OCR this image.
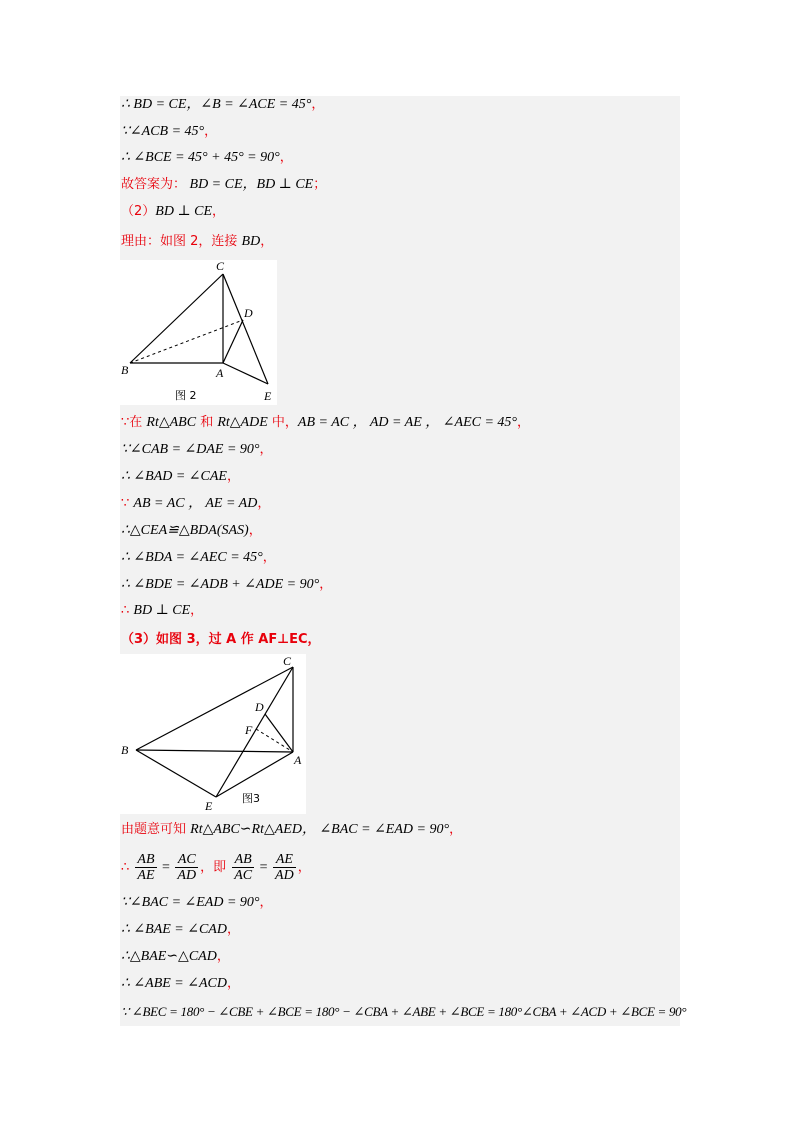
∴ BD = CE，∠B = ∠ACE = 45°，
∵∠ACB = 45°，
∴ ∠BCE = 45° + 45° = 90°，
故答案为： BD = CE，BD ⊥ CE；
（2）BD ⊥ CE，
理由：如图 2，连接 BD，
C
D
B	A
E
图 2
∵在 Rt△ABC 和 Rt△ADE 中，AB = AC ， AD = AE ， ∠AEC = 45°，
∵∠CAB = ∠DAE = 90°，
∴ ∠BAD = ∠CAE，
∵ AB = AC ， AE = AD，
∴△CEA≌△BDA(SAS)，
∴ ∠BDA = ∠AEC = 45°，
∴ ∠BDE = ∠ADB + ∠ADE = 90°，
∴ BD ⊥ CE，
（3）如图 3，过 A 作 AF⊥EC，
C
D
F
B
A
E
图3
由题意可知 Rt△ABC∽Rt△AED， ∠BAC = ∠EAD = 90°，
∴ $\frac{AB}{AE} = \frac{AC}{AD}$ ，即 $\frac{AB}{AC} = \frac{AE}{AD}$ ，
∵∠BAC = ∠EAD = 90°，
∴ ∠BAE = ∠CAD，
∴△BAE∽△CAD，
∴ ∠ABE = ∠ACD，
∵ ∠BEC = 180° − ∠CBE + ∠BCE = 180° − ∠CBA + ∠ABE + ∠BCE = 180°∠CBA + ∠ACD + ∠BCE = 90°
